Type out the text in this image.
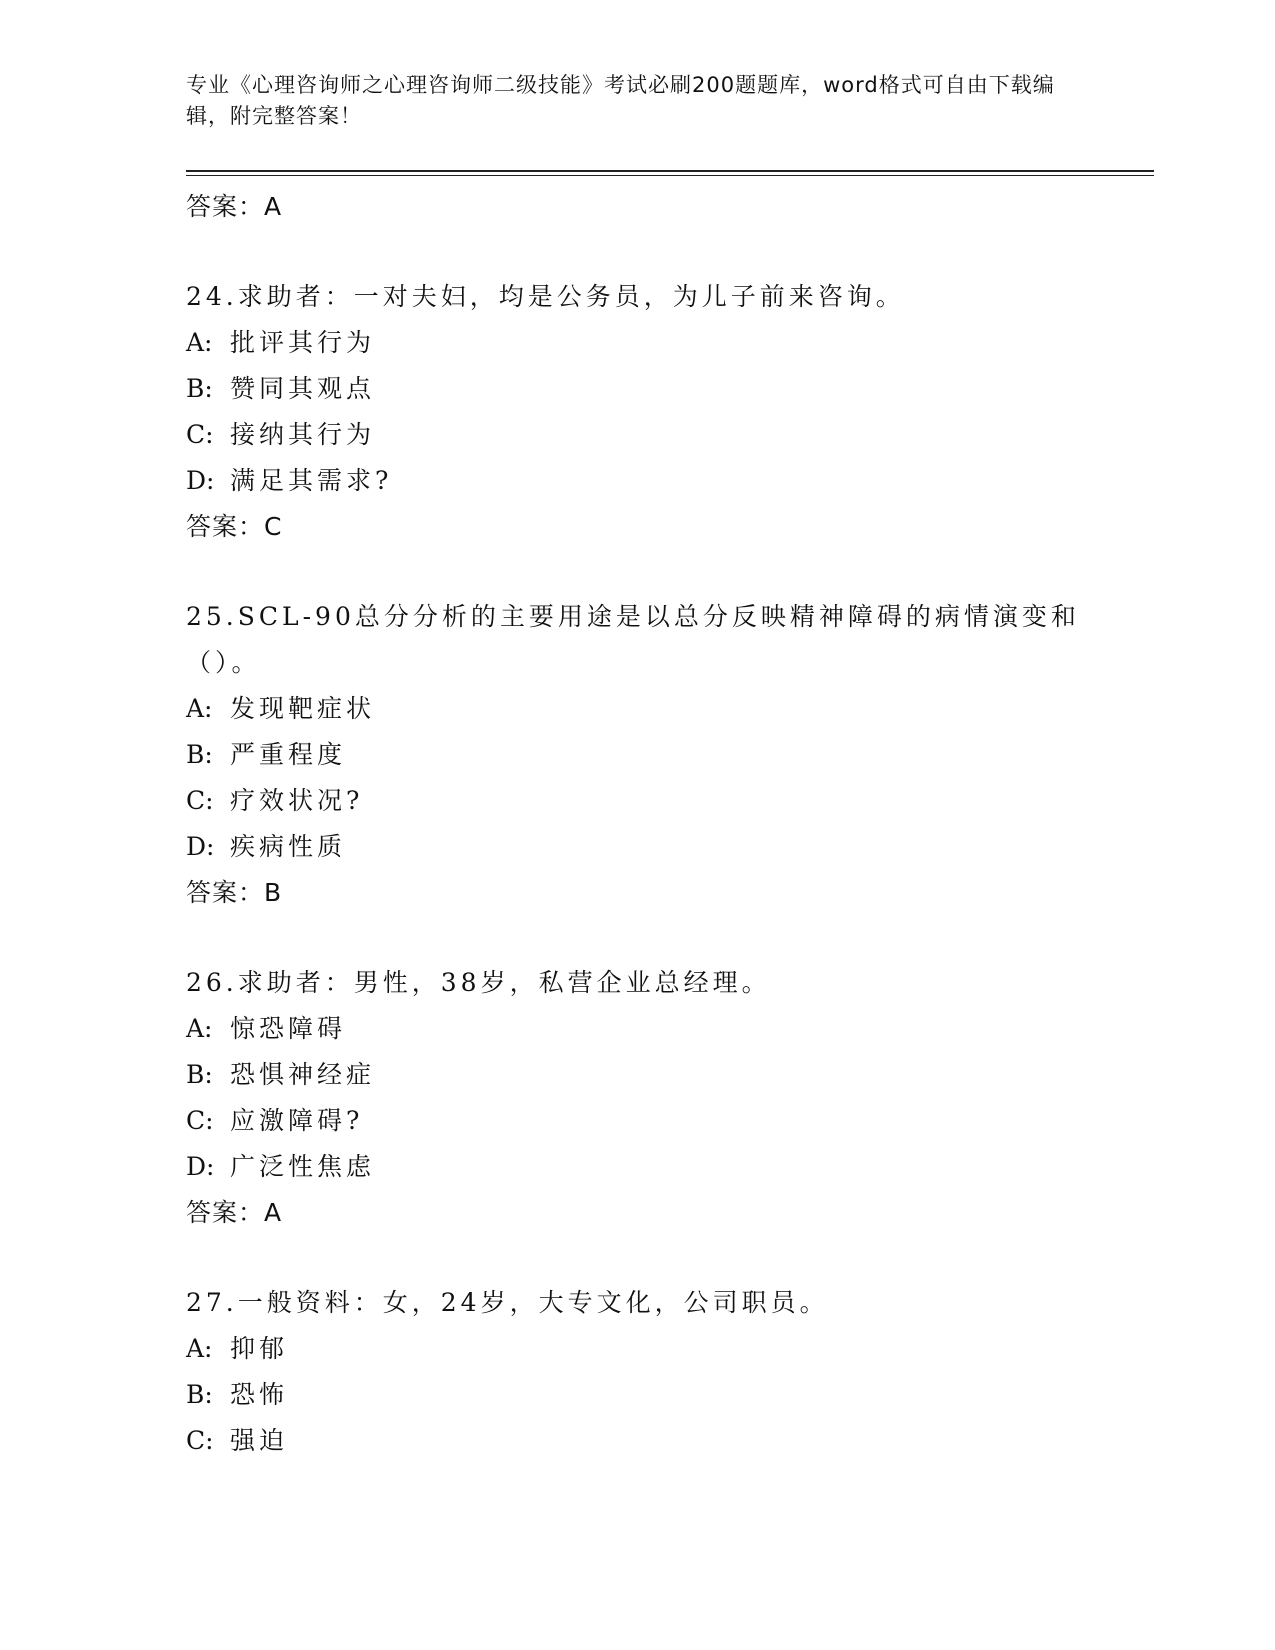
专业《心理咨询师之心理咨询师二级技能》考试必刷200题题库，word格式可自由下载编辑，附完整答案！

答案：A

24.求助者：一对夫妇，均是公务员，为儿子前来咨询。

A: 批评其行为

B: 赞同其观点

C: 接纳其行为

D: 满足其需求?

答案：C

25.SCL-90总分分析的主要用途是以总分反映精神障碍的病情演变和（）。

A: 发现靶症状

B: 严重程度

C: 疗效状况?

D: 疾病性质

答案：B

26.求助者：男性，38岁，私营企业总经理。

A: 惊恐障碍

B: 恐惧神经症

C: 应激障碍?

D: 广泛性焦虑

答案：A

27.一般资料：女，24岁，大专文化，公司职员。

A: 抑郁

B: 恐怖

C: 强迫
